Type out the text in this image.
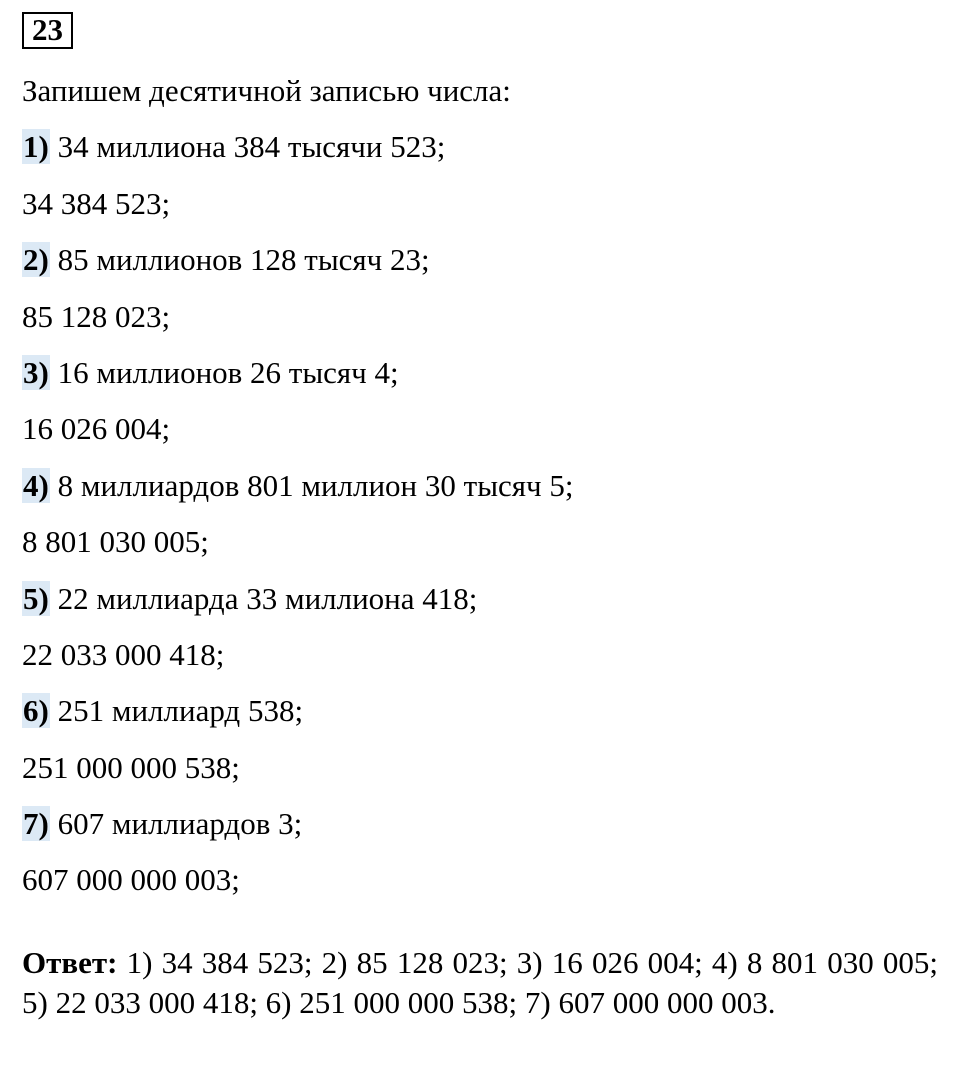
23
Запишем десятичной записью числа:
1) 34 миллиона 384 тысячи 523;
34 384 523;
2) 85 миллионов 128 тысяч 23;
85 128 023;
3) 16 миллионов 26 тысяч 4;
16 026 004;
4) 8 миллиардов 801 миллион 30 тысяч 5;
8 801 030 005;
5) 22 миллиарда 33 миллиона 418;
22 033 000 418;
6) 251 миллиард 538;
251 000 000 538;
7) 607 миллиардов 3;
607 000 000 003;
Ответ: 1) 34 384 523; 2) 85 128 023; 3) 16 026 004; 4) 8 801 030 005; 5) 22 033 000 418; 6) 251 000 000 538; 7) 607 000 000 003.
